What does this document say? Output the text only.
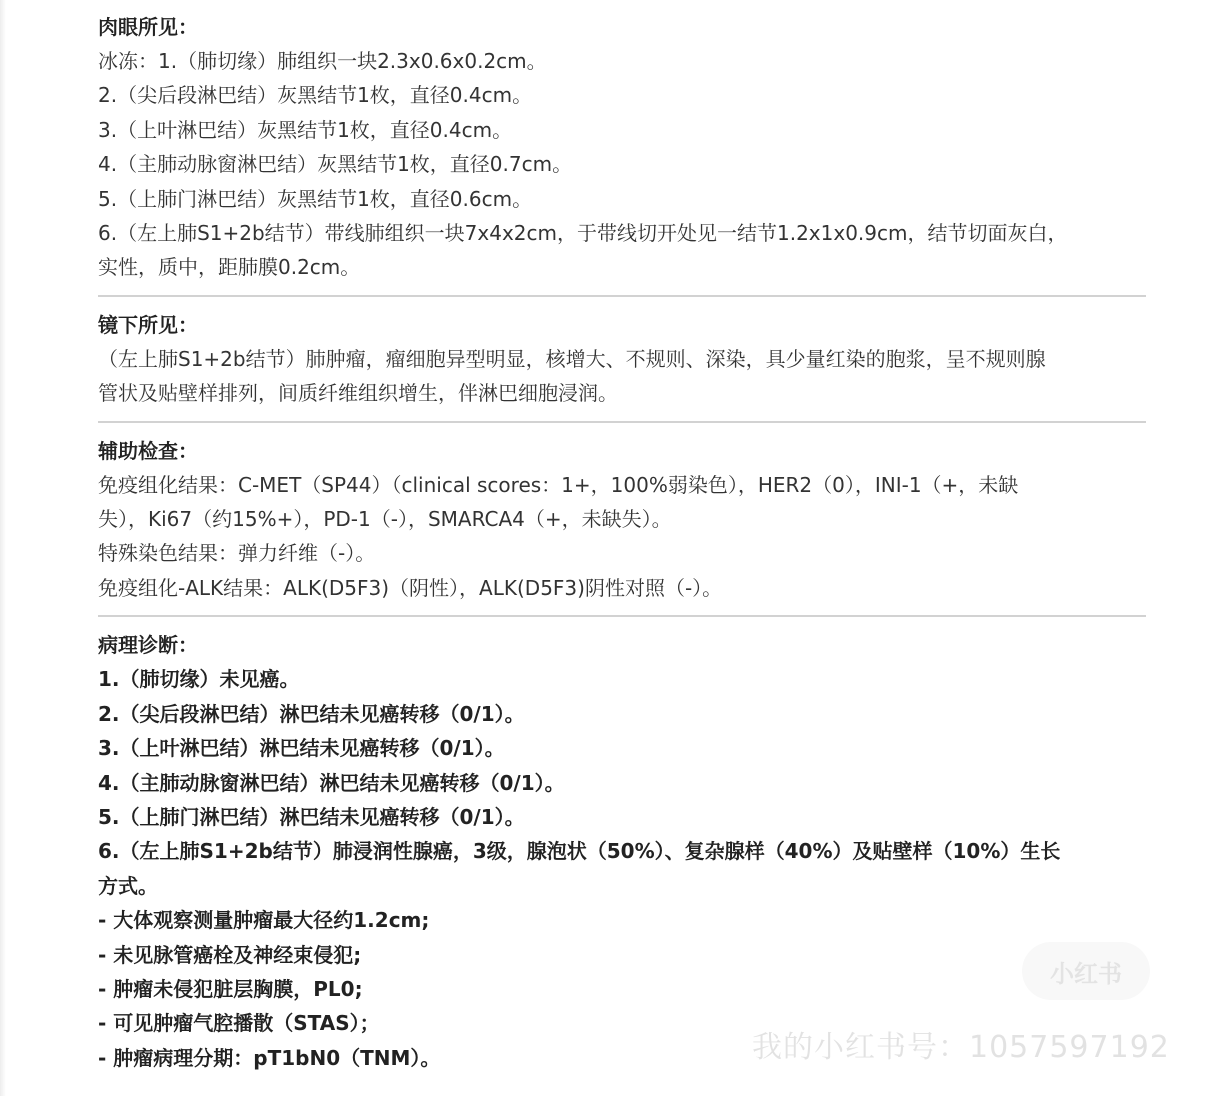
肉眼所见：
冰冻：1.（肺切缘）肺组织一块2.3x0.6x0.2cm。
2.（尖后段淋巴结）灰黑结节1枚，直径0.4cm。
3.（上叶淋巴结）灰黑结节1枚，直径0.4cm。
4.（主肺动脉窗淋巴结）灰黑结节1枚，直径0.7cm。
5.（上肺门淋巴结）灰黑结节1枚，直径0.6cm。
6.（左上肺S1+2b结节）带线肺组织一块7x4x2cm，于带线切开处见一结节1.2x1x0.9cm，结节切面灰白，
实性，质中，距肺膜0.2cm。
镜下所见：
（左上肺S1+2b结节）肺肿瘤，瘤细胞异型明显，核增大、不规则、深染，具少量红染的胞浆，呈不规则腺
管状及贴壁样排列，间质纤维组织增生，伴淋巴细胞浸润。
辅助检查：
免疫组化结果：C-MET（SP44）（clinical scores：1+，100%弱染色），HER2（0），INI-1（+，未缺
失），Ki67（约15%+），PD-1（-），SMARCA4（+，未缺失）。
特殊染色结果：弹力纤维（-）。
免疫组化-ALK结果：ALK(D5F3)（阴性），ALK(D5F3)阴性对照（-）。
病理诊断：
1.（肺切缘）未见癌。
2.（尖后段淋巴结）淋巴结未见癌转移（0/1）。
3.（上叶淋巴结）淋巴结未见癌转移（0/1）。
4.（主肺动脉窗淋巴结）淋巴结未见癌转移（0/1）。
5.（上肺门淋巴结）淋巴结未见癌转移（0/1）。
6.（左上肺S1+2b结节）肺浸润性腺癌，3级，腺泡状（50%）、复杂腺样（40%）及贴壁样（10%）生长
方式。
- 大体观察测量肿瘤最大径约1.2cm;
- 未见脉管癌栓及神经束侵犯;
- 肿瘤未侵犯脏层胸膜，PL0;
- 可见肿瘤气腔播散（STAS）；
- 肿瘤病理分期：pT1bN0（TNM）。
小红书
我的小红书号：1057597192
